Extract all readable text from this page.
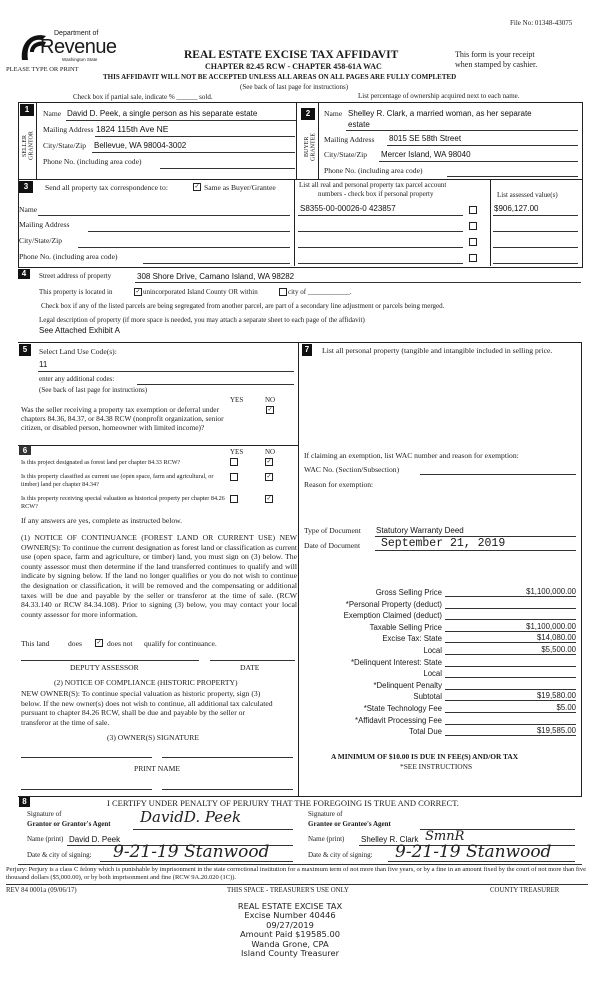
File No: 01348-43075
Department of
Revenue
Washington State
PLEASE TYPE OR PRINT
REAL ESTATE EXCISE TAX AFFIDAVIT
CHAPTER 82.45 RCW - CHAPTER 458-61A WAC
This form is your receipt
when stamped by cashier.
THIS AFFIDAVIT WILL NOT BE ACCEPTED UNLESS ALL AREAS ON ALL PAGES ARE FULLY COMPLETED
(See back of last page for instructions)
Check box if partial sale, indicate % ______ sold.	List percentage of ownership acquired next to each name.
1
SELLER GRANTOR
Name David D. Peek, a single person as his separate estate
Mailing Address 1824 115th Ave NE
City/State/Zip Bellevue, WA 98004-3002
Phone No. (including area code)
2
BUYER GRANTEE
Name Shelley R. Clark, a married woman, as her separate
estate
Mailing Address 8015 SE 58th Street
City/State/Zip Mercer Island, WA 98040
Phone No. (including area code)
3	Send all property tax correspondence to:	✓ Same as Buyer/Grantee
Name
Mailing Address
City/State/Zip
Phone No. (including area code)
List all real and personal property tax parcel account
numbers - check box if personal property	List assessed value(s)
S8355-00-00026-0 423857	$906,127.00
4	Street address of property	308 Shore Drive, Camano Island, WA 98282
This property is located in	✓ unincorporated Island County OR within	city of ____________.
Check box if any of the listed parcels are being segregated from another parcel, are part of a secondary line adjustment or parcels being merged.
Legal description of property (if more space is needed, you may attach a separate sheet to each page of the affidavit)
See Attached Exhibit A
5	Select Land Use Code(s):
11
enter any additional codes:
(See back of last page for instructions)
YES	NO
Was the seller receiving a property tax exemption or deferral under chapters 84.36, 84.37, or 84.38 RCW (nonprofit organization, senior citizen, or disabled person, homeowner with limited income)?
✓
6	YES	NO
Is this project designated as forest land per chapter 84.33 RCW?	✓
Is this property classified as current use (open space, farm and agricultural, or timber) land per chapter 84.34?
✓
Is this property receiving special valuation as historical property per chapter 84.26 RCW?
✓
If any answers are yes, complete as instructed below.
(1) NOTICE OF CONTINUANCE (FOREST LAND OR CURRENT USE) NEW OWNER(S): To continue the current designation as forest land or classification as current use (open space, farm and agriculture, or timber) land, you must sign on (3) below. The county assessor must then determine if the land transferred continues to qualify and will indicate by signing below. If the land no longer qualifies or you do not wish to continue the designation or classification, it will be removed and the compensating or additional taxes will be due and payable by the seller or transferor at the time of sale. (RCW 84.33.140 or RCW 84.34.108). Prior to signing (3) below, you may contact your local county assessor for more information.
This land does ✓ does not qualify for continuance.
DEPUTY ASSESSOR	DATE
(2) NOTICE OF COMPLIANCE (HISTORIC PROPERTY)
NEW OWNER(S): To continue special valuation as historic property, sign (3) below. If the new owner(s) does not wish to continue, all additional tax calculated pursuant to chapter 84.26 RCW, shall be due and payable by the seller or transferor at the time of sale.
(3) OWNER(S) SIGNATURE
PRINT NAME
7	List all personal property (tangible and intangible included in selling price.
If claiming an exemption, list WAC number and reason for exemption:
WAC No. (Section/Subsection)
Reason for exemption:
Type of Document Statutory Warranty Deed
Date of Document September 21, 2019
Gross Selling Price	$1,100,000.00
*Personal Property (deduct)
Exemption Claimed (deduct)
Taxable Selling Price	$1,100,000.00
Excise Tax: State	$14,080.00
Local	$5,500.00
*Delinquent Interest: State
Local
*Delinquent Penalty
Subtotal	$19,580.00
*State Technology Fee	$5.00
*Affidavit Processing Fee
Total Due	$19,585.00
A MINIMUM OF $10.00 IS DUE IN FEE(S) AND/OR TAX
*SEE INSTRUCTIONS
8	I CERTIFY UNDER PENALTY OF PERJURY THAT THE FOREGOING IS TRUE AND CORRECT.
Signature of
Grantor or Grantor's Agent DavidD. Peek
Name (print) David D. Peek
Date & city of signing: 9-21-19 Stanwood
Signature of
Grantee or Grantee's Agent
Name (print) Shelley R. Clark SmnR
Date & city of signing: 9-21-19 Stanwood
Perjury: Perjury is a class C felony which is punishable by imprisonment in the state correctional institution for a maximum term of not more than five years, or by a fine in an amount fixed by the court of not more than five thousand dollars ($5,000.00), or by both imprisonment and fine (RCW 9A.20.020 (1C)).
REV 84 0001a (09/06/17)	THIS SPACE - TREASURER'S USE ONLY	COUNTY TREASURER
REAL ESTATE EXCISE TAX
Excise Number 40446
09/27/2019
Amount Paid $19585.00
Wanda Grone, CPA
Island County Treasurer
